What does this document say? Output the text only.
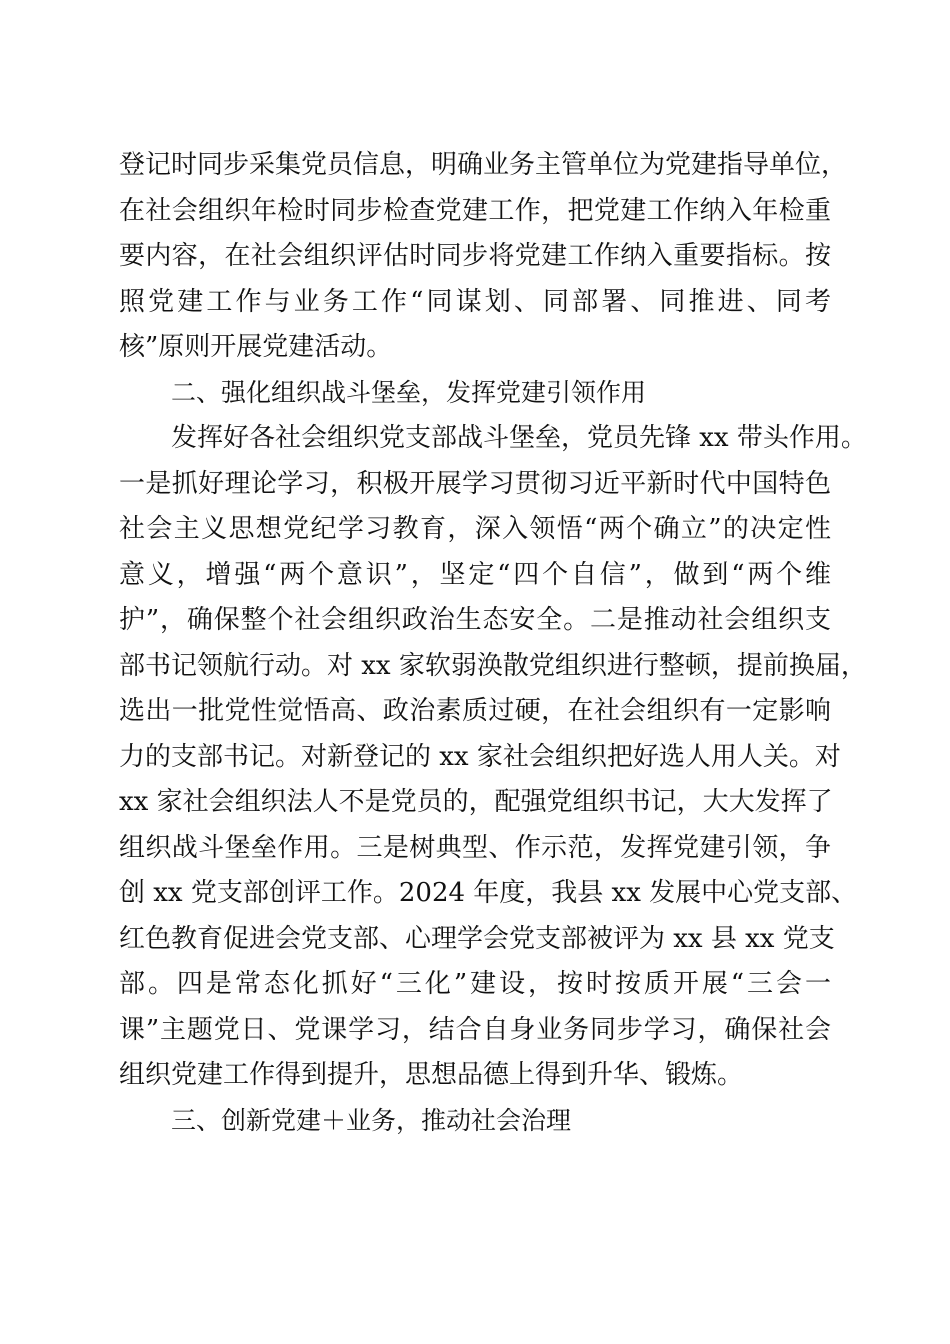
登记时同步采集党员信息，明确业务主管单位为党建指导单位，
在社会组织年检时同步检查党建工作，把党建工作纳入年检重
要内容，在社会组织评估时同步将党建工作纳入重要指标。按
照党建工作与业务工作“同谋划、同部署、同推进、同考
核”原则开展党建活动。
二、强化组织战斗堡垒，发挥党建引领作用
发挥好各社会组织党支部战斗堡垒，党员先锋 xx 带头作用。
一是抓好理论学习，积极开展学习贯彻习近平新时代中国特色
社会主义思想党纪学习教育，深入领悟“两个确立”的决定性
意义，增强“两个意识”，坚定“四个自信”，做到“两个维
护”，确保整个社会组织政治生态安全。二是推动社会组织支
部书记领航行动。对 xx 家软弱涣散党组织进行整顿，提前换届，
选出一批党性觉悟高、政治素质过硬，在社会组织有一定影响
力的支部书记。对新登记的 xx 家社会组织把好选人用人关。对
xx 家社会组织法人不是党员的，配强党组织书记，大大发挥了
组织战斗堡垒作用。三是树典型、作示范，发挥党建引领，争
创 xx 党支部创评工作。2024 年度，我县 xx 发展中心党支部、
红色教育促进会党支部、心理学会党支部被评为 xx 县 xx 党支
部。四是常态化抓好“三化”建设，按时按质开展“三会一
课”主题党日、党课学习，结合自身业务同步学习，确保社会
组织党建工作得到提升，思想品德上得到升华、锻炼。
三、创新党建＋业务，推动社会治理
